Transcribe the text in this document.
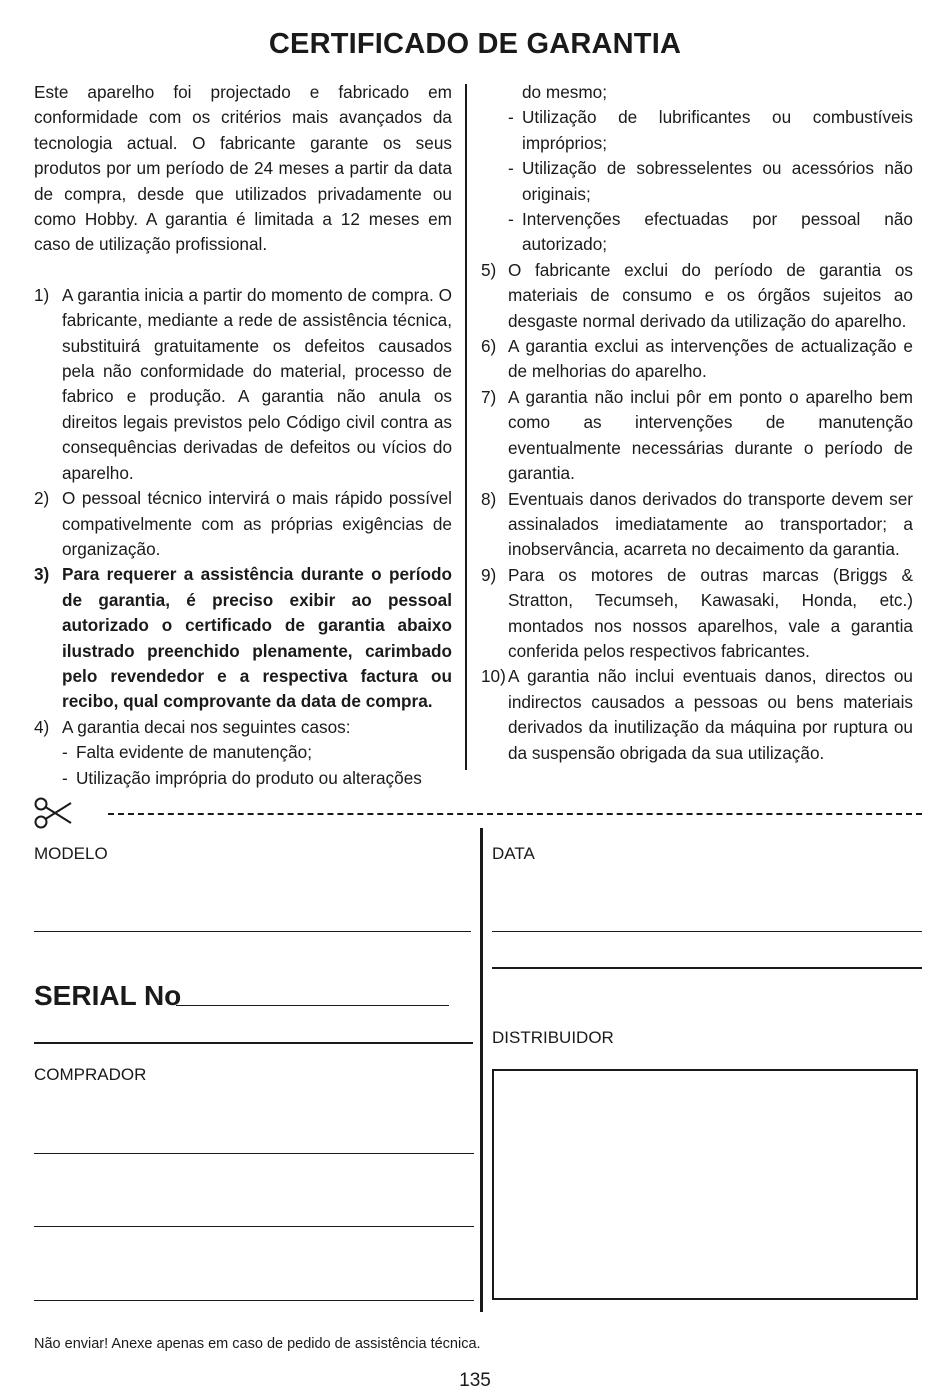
CERTIFICADO DE GARANTIA

Este aparelho foi projectado e fabricado em conformidade com os critérios mais avançados da tecnologia actual. O fabricante garante os seus produtos por um período de 24 meses a partir da data de compra, desde que utilizados privadamente ou como Hobby. A garantia é limitada a 12 meses em caso de utilização profissional.

1) A garantia inicia a partir do momento de compra. O fabricante, mediante a rede de assistência técnica, substituirá gratuitamente os defeitos causados pela não conformidade do material, processo de fabrico e produção. A garantia não anula os direitos legais previstos pelo Código civil contra as consequências derivadas de defeitos ou vícios do aparelho.
2) O pessoal técnico intervirá o mais rápido possível compativelmente com as próprias exigências de organização.
3) Para requerer a assistência durante o período de garantia, é preciso exibir ao pessoal autorizado o certificado de garantia abaixo ilustrado preenchido plenamente, carimbado pelo revendedor e a respectiva factura ou recibo, qual comprovante da data de compra.
4) A garantia decai nos seguintes casos:
- Falta evidente de manutenção;
- Utilização imprópria do produto ou alterações
do mesmo;
- Utilização de lubrificantes ou combustíveis impróprios;
- Utilização de sobresselentes ou acessórios não originais;
- Intervenções efectuadas por pessoal não autorizado;
5) O fabricante exclui do período de garantia os materiais de consumo e os órgãos sujeitos ao desgaste normal derivado da utilização do aparelho.
6) A garantia exclui as intervenções de actualização e de melhorias do aparelho.
7) A garantia não inclui pôr em ponto o aparelho bem como as intervenções de manutenção eventualmente necessárias durante o período de garantia.
8) Eventuais danos derivados do transporte devem ser assinalados imediatamente ao transportador; a inobservância, acarreta no decaimento da garantia.
9) Para os motores de outras marcas (Briggs & Stratton, Tecumseh, Kawasaki, Honda, etc.) montados nos nossos aparelhos, vale a garantia conferida pelos respectivos fabricantes.
10) A garantia não inclui eventuais danos, directos ou indirectos causados a pessoas ou bens materiais derivados da inutilização da máquina por ruptura ou da suspensão obrigada da sua utilização.
MODELO
SERIAL No
COMPRADOR
DATA
DISTRIBUIDOR
Não enviar! Anexe apenas em caso de pedido de assistência técnica.
135
